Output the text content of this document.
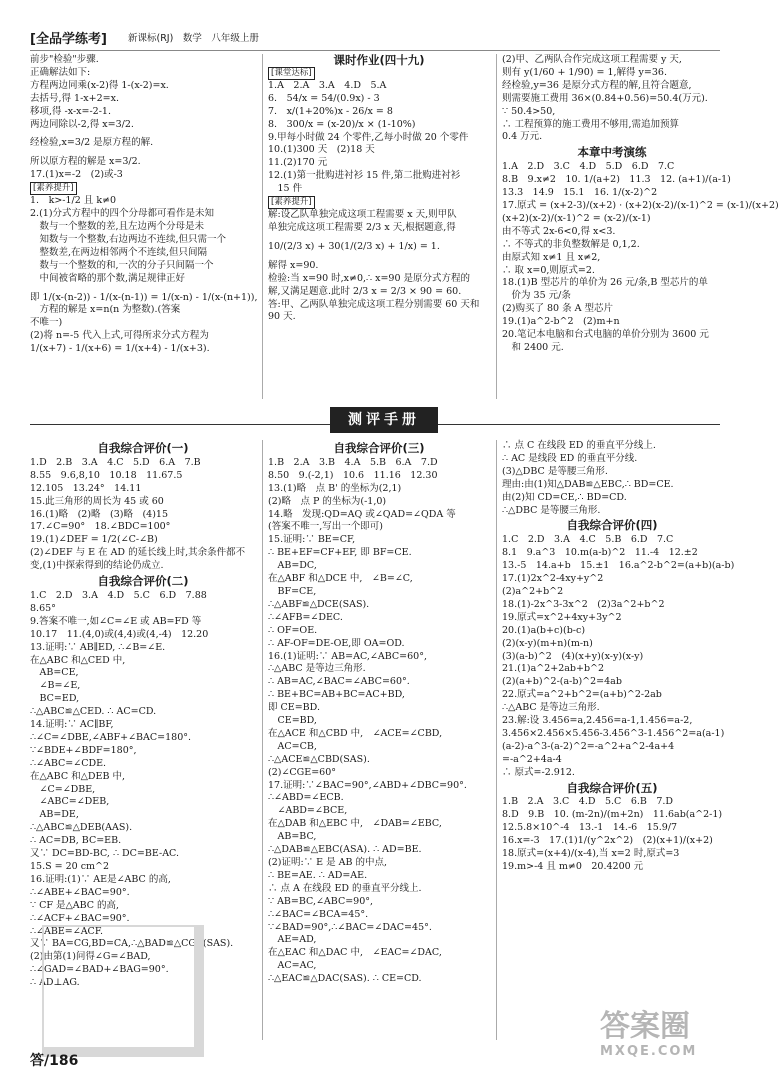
[全品学练考] 新课标(RJ)　数学　八年级上册
前步"检验"步骤.
正确解法如下:
方程两边同乘(x-2)得 1-(x-2)=x.
去括号,得 1-x+2=x.
移项,得 -x-x=-2-1.
两边同除以-2,得 x=3/2.
经检验,x=3/2 是原方程的解.
所以原方程的解是 x=3/2.
17.(1)x=-2　(2)或-3
[素养提升]
1.　k>-1/2 且 k≠0
2.(1)分式方程中的四个分母都可看作是未知
　数与一个整数的差,且左边两个分母是未
　知数与一个整数,右边两边不连续,但只需一个
　整数差,在两边相邻两个不连续,但只间隔
　数与一个整数的和,一次的分子只间隔一个
　中间被省略的那个数,满足规律正好
即 1/(x-(n-2)) - 1/(x-(n-1)) = 1/(x-n) - 1/(x-(n+1)),
　方程的解是 x=n(n 为整数).(答案
不唯一)
(2)将 n=-5 代入上式,可得所求分式方程为
1/(x+7) - 1/(x+6) = 1/(x+4) - 1/(x+3).
课时作业(四十九)
[课堂达标]
1.A　2.A　3.A　4.D　5.A
6.　54/x = 54/(0.9x) - 3
7.　x/(1+20%)x - 26/x = 8
8.　300/x = (x-20)/x × (1-10%)
9.甲每小时做 24 个零件,乙每小时做 20 个零件
10.(1)300 天　(2)18 天
11.(2)170 元
12.(1)第一批购进衬衫 15 件,第二批购进衬衫
　15 件
[素养提升]
解:设乙队单独完成这项工程需要 x 天,则甲队
单独完成这项工程需要 2/3 x 天,根据题意,得
10/(2/3 x) + 30(1/(2/3 x) + 1/x) = 1.
解得 x=90.
检验:当 x=90 时,x≠0,∴ x=90 是原分式方程的
解,又满足题意.此时 2/3 x = 2/3 × 90 = 60.
答:甲、乙两队单独完成这项工程分别需要 60 天和
90 天.
(2)甲、乙两队合作完成这项工程需要 y 天,
则有 y(1/60 + 1/90) = 1,解得 y=36.
经检验,y=36 是原分式方程的解,且符合题意,
则需要施工费用 36×(0.84+0.56)=50.4(万元).
∵ 50.4>50,
∴ 工程预算的施工费用不够用,需追加预算
0.4 万元.
本章中考演练
1.A　2.D　3.C　4.D　5.D　6.D　7.C
8.B　9.x≠2　10. 1/(a+2)　11.3　12. (a+1)/(a-1)
13.3　14.9　15.1　16. 1/(x-2)^2
17.原式 = (x+2-3)/(x+2) · (x+2)(x-2)/(x-1)^2 = (x-1)/(x+2)
(x+2)(x-2)/(x-1)^2 = (x-2)/(x-1)
由不等式 2x-6<0,得 x<3.
∴ 不等式的非负整数解是 0,1,2.
由原式知 x≠1 且 x≠2,
∴ 取 x=0,则原式=2.
18.(1)B 型芯片的单价为 26 元/条,B 型芯片的单
　价为 35 元/条
(2)购买了 80 条 A 型芯片
19.(1)a^2-b^2　(2)m+n
20.笔记本电脑和台式电脑的单价分别为 3600 元
　和 2400 元.
测评手册
自我综合评价(一)
1.D　2.B　3.A　4.C　5.D　6.A　7.B
8.55　9.6,8,10　10.18　11.67.5
12.105　13.24°　14.11
15.此三角形的周长为 45 或 60
16.(1)略　(2)略　(3)略　(4)15
17.∠C=90°　18.∠BDC=100°
19.(1)∠DEF = 1/2(∠C-∠B)
(2)∠DEF 与 E 在 AD 的延长线上时,其余条件都不
变,(1)中探索得到的结论仍成立.
自我综合评价(二)
1.C　2.D　3.A　4.D　5.C　6.D　7.88
8.65°
9.答案不唯一,如∠C=∠E 或 AB=FD 等
10.17　11.(4,0)或(4,4)或(4,-4)　12.20
13.证明:∵ AB∥ED, ∴∠B=∠E.
在△ABC 和△CED 中,
　AB=CE,
　∠B=∠E,
　BC=ED,
∴△ABC≌△CED. ∴ AC=CD.
14.证明:∵ AC∥BF,
∴∠C=∠DBE,∠ABF+∠BAC=180°.
∵∠BDE+∠BDF=180°,
∴∠ABC=∠CDE.
在△ABC 和△DEB 中,
　∠C=∠DBE,
　∠ABC=∠DEB,
　AB=DE,
∴△ABC≌△DEB(AAS).
∴ AC=DB, BC=EB.
又∵ DC=BD-BC, ∴ DC=BE-AC.
15.S = 20 cm^2
16.证明:(1)∵ AE是∠ABC 的高,
∴∠ABE+∠BAC=90°.
∵ CF 是△ABC 的高,
∴∠ACF+∠BAC=90°.
∴∠ABE=∠ACF.
又∵ BA=CG,BD=CA,∴△BAD≌△CGA(SAS).
(2)由第(1)问得∠G=∠BAD,
∴∠GAD=∠BAD+∠BAG=90°.
∴ AD⊥AG.
自我综合评价(三)
1.B　2.A　3.B　4.A　5.B　6.A　7.D
8.50　9.(-2,1)　10.6　11.16　12.30
13.(1)略　点 B' 的坐标为(2,1)
(2)略　点 P 的坐标为(-1,0)
14.略　发现:QD=AQ 或∠QAD=∠QDA 等
(答案不唯一,写出一个即可)
15.证明:∵ BE=CF,
∴ BE+EF=CF+EF, 即 BF=CE.
　AB=DC,
在△ABF 和△DCE 中,　∠B=∠C,
　BF=CE,
∴△ABF≌△DCE(SAS).
∴∠AFB=∠DEC.
∴ OF=OE.
∴ AF-OF=DE-OE,即 OA=OD.
16.(1)证明:∵ AB=AC,∠ABC=60°,
∴△ABC 是等边三角形.
∴ AB=AC,∠BAC=∠ABC=60°.
∴ BE+BC=AB+BC=AC+BD,
即 CE=BD.
　CE=BD,
在△ACE 和△CBD 中,　∠ACE=∠CBD,
　AC=CB,
∴△ACE≌△CBD(SAS).
(2)∠CGE=60°
17.证明:∵∠BAC=90°,∠ABD+∠DBC=90°.
∴∠ABD=∠ECB.
　∠ABD=∠BCE,
在△DAB 和△EBC 中,　∠DAB=∠EBC,
　AB=BC,
∴△DAB≌△EBC(ASA). ∴ AD=BE.
(2)证明:∵ E 是 AB 的中点,
∴ BE=AE. ∴ AD=AE.
∴ 点 A 在线段 ED 的垂直平分线上.
∵ AB=BC,∠ABC=90°,
∴∠BAC=∠BCA=45°.
∵∠BAD=90°,∴∠BAC=∠DAC=45°.
　AE=AD,
在△EAC 和△DAC 中,　∠EAC=∠DAC,
　AC=AC,
∴△EAC≌△DAC(SAS). ∴ CE=CD.
∴ 点 C 在线段 ED 的垂直平分线上.
∴ AC 是线段 ED 的垂直平分线.
(3)△DBC 是等腰三角形.
理由:由(1)知△DAB≌△EBC,∴ BD=CE.
由(2)知 CD=CE,∴ BD=CD.
∴△DBC 是等腰三角形.
自我综合评价(四)
1.C　2.D　3.A　4.C　5.B　6.D　7.C
8.1　9.a^3　10.m(a-b)^2　11.-4　12.±2
13.-5　14.a+b　15.±1　16.a^2-b^2=(a+b)(a-b)
17.(1)2x^2-4xy+y^2
(2)a^2+b^2
18.(1)-2x^3-3x^2　(2)3a^2+b^2
19.原式=x^2+4xy+3y^2
20.(1)a(b+c)(b-c)
(2)(x-y)(m+n)(m-n)
(3)(a-b)^2　(4)(x+y)(x-y)(x-y)
21.(1)a^2+2ab+b^2
(2)(a+b)^2-(a-b)^2=4ab
22.原式=a^2+b^2=(a+b)^2-2ab
∴△ABC 是等边三角形.
23.解:设 3.456=a,2.456=a-1,1.456=a-2,
3.456×2.456×5.456-3.456^3-1.456^2=a(a-1)
(a-2)-a^3-(a-2)^2=-a^2+a^2-4a+4
=-a^2+4a-4
∴ 原式=-2.912.
自我综合评价(五)
1.B　2.A　3.C　4.D　5.C　6.B　7.D
8.D　9.B　10. (m-2n)/(m+2n)　11.6ab(a^2-1)
12.5.8×10^-4　13.-1　14.-6　15.9/7
16.x=-3　17.(1)1/(y^2x^2)　(2)(x+1)/(x+2)
18.原式=(x+4)/(x-4),当 x=2 时,原式=3
19.m>-4 且 m≠0　20.4200 元
答/186
答案圈
MXQE.COM
